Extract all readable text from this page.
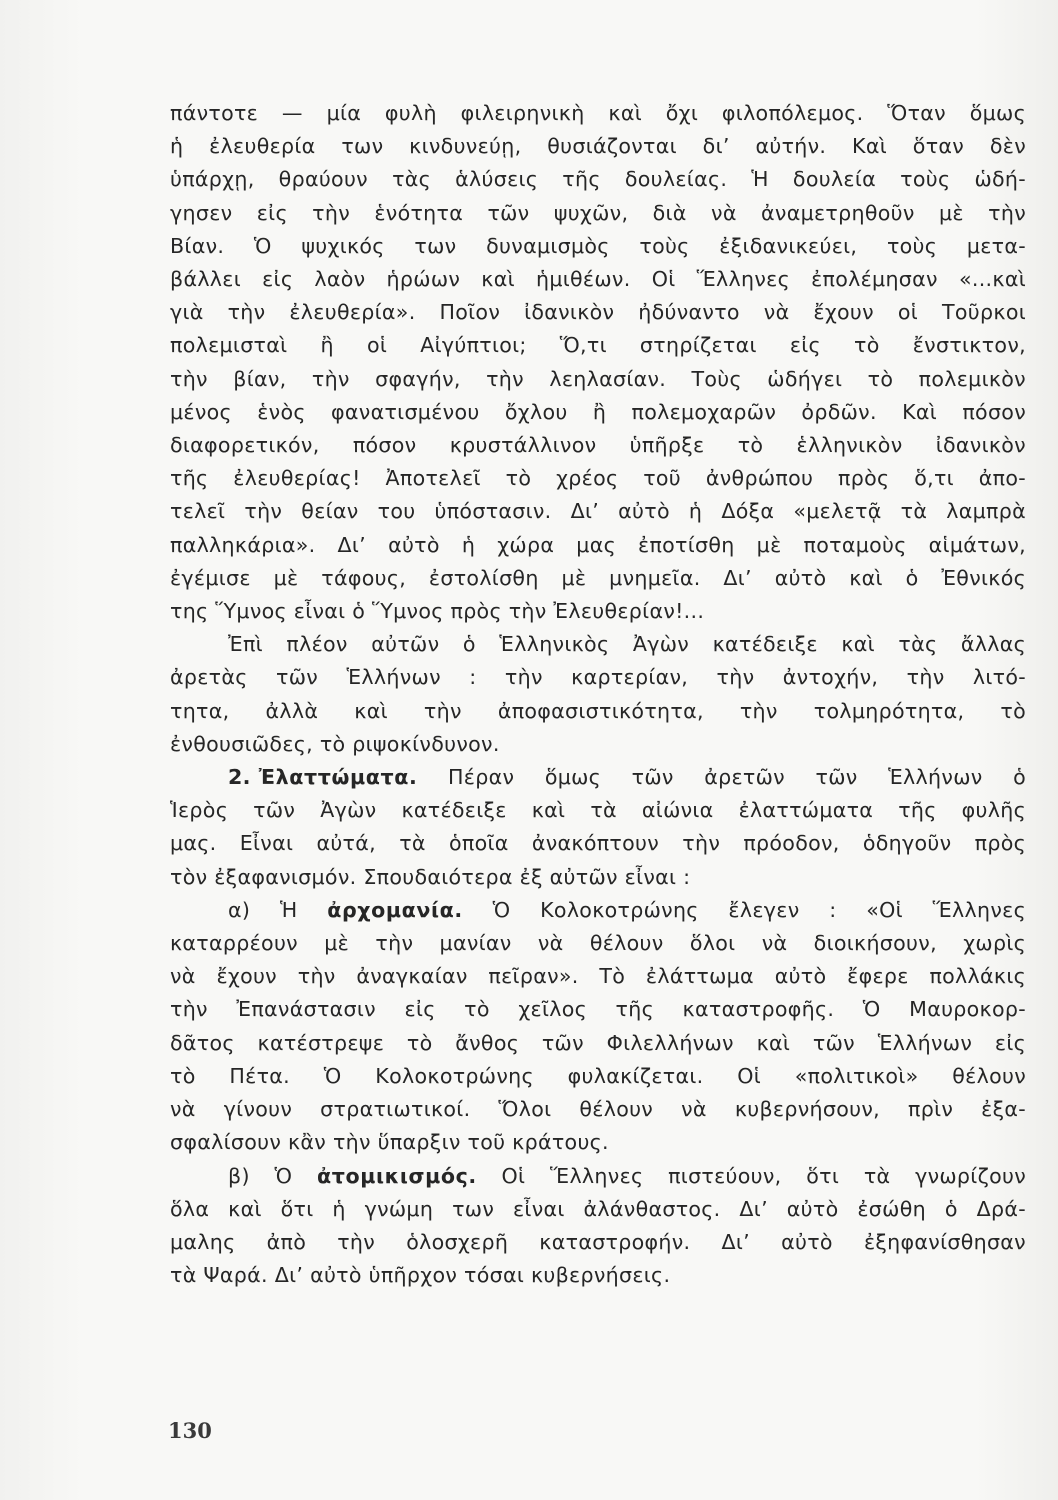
πάντοτε — μία φυλὴ φιλειρηνικὴ καὶ ὄχι φιλοπόλεμος. Ὅταν ὅμως
ἡ ἐλευθερία των κινδυνεύῃ, θυσιάζονται δι’ αὐτήν. Καὶ ὅταν δὲν
ὑπάρχῃ, θραύουν τὰς ἁλύσεις τῆς δουλείας. Ἡ δουλεία τοὺς ὡδή-
γησεν εἰς τὴν ἑνότητα τῶν ψυχῶν, διὰ νὰ ἀναμετρηθοῦν μὲ τὴν
Βίαν. Ὁ ψυχικός των δυναμισμὸς τοὺς ἐξιδανικεύει, τοὺς μετα-
βάλλει εἰς λαὸν ἡρώων καὶ ἡμιθέων. Οἱ Ἕλληνες ἐπολέμησαν «...καὶ
γιὰ τὴν ἐλευθερία». Ποῖον ἰδανικὸν ἠδύναντο νὰ ἔχουν οἱ Τοῦρκοι
πολεμισταὶ ἢ οἱ Αἰγύπτιοι; Ὅ,τι στηρίζεται εἰς τὸ ἔνστικτον,
τὴν βίαν, τὴν σφαγήν, τὴν λεηλασίαν. Τοὺς ὡδήγει τὸ πολεμικὸν
μένος ἑνὸς φανατισμένου ὄχλου ἢ πολεμοχαρῶν ὀρδῶν. Καὶ πόσον
διαφορετικόν, πόσον κρυστάλλινον ὑπῆρξε τὸ ἑλληνικὸν ἰδανικὸν
τῆς ἐλευθερίας! Ἀποτελεῖ τὸ χρέος τοῦ ἀνθρώπου πρὸς ὅ,τι ἀπο-
τελεῖ τὴν θείαν του ὑπόστασιν. Δι’ αὐτὸ ἡ Δόξα «μελετᾷ τὰ λαμπρὰ
παλληκάρια». Δι’ αὐτὸ ἡ χώρα μας ἐποτίσθη μὲ ποταμοὺς αἱμάτων,
ἐγέμισε μὲ τάφους, ἐστολίσθη μὲ μνημεῖα. Δι’ αὐτὸ καὶ ὁ Ἐθνικός
της Ὕμνος εἶναι ὁ Ὕμνος πρὸς τὴν Ἐλευθερίαν!...
Ἐπὶ πλέον αὐτῶν ὁ Ἑλληνικὸς Ἀγὼν κατέδειξε καὶ τὰς ἄλλας
ἀρετὰς τῶν Ἑλλήνων : τὴν καρτερίαν, τὴν ἀντοχήν, τὴν λιτό-
τητα, ἀλλὰ καὶ τὴν ἀποφασιστικότητα, τὴν τολμηρότητα, τὸ
ἐνθουσιῶδες, τὸ ριψοκίνδυνον.
2. Ἐλαττώματα. Πέραν ὅμως τῶν ἀρετῶν τῶν Ἑλλήνων ὁ
Ἱερὸς τῶν Ἀγὼν κατέδειξε καὶ τὰ αἰώνια ἐλαττώματα τῆς φυλῆς
μας. Εἶναι αὐτά, τὰ ὁποῖα ἀνακόπτουν τὴν πρόοδον, ὁδηγοῦν πρὸς
τὸν ἐξαφανισμόν. Σπουδαιότερα ἐξ αὐτῶν εἶναι :
α) Ἡ ἀρχομανία. Ὁ Κολοκοτρώνης ἔλεγεν : «Οἱ Ἕλληνες
καταρρέουν μὲ τὴν μανίαν νὰ θέλουν ὅλοι νὰ διοικήσουν, χωρὶς
νὰ ἔχουν τὴν ἀναγκαίαν πεῖραν». Τὸ ἐλάττωμα αὐτὸ ἔφερε πολλάκις
τὴν Ἐπανάστασιν εἰς τὸ χεῖλος τῆς καταστροφῆς. Ὁ Μαυροκορ-
δᾶτος κατέστρεψε τὸ ἄνθος τῶν Φιλελλήνων καὶ τῶν Ἑλλήνων εἰς
τὸ Πέτα. Ὁ Κολοκοτρώνης φυλακίζεται. Οἱ «πολιτικοὶ» θέλουν
νὰ γίνουν στρατιωτικοί. Ὅλοι θέλουν νὰ κυβερνήσουν, πρὶν ἐξα-
σφαλίσουν κἂν τὴν ὕπαρξιν τοῦ κράτους.
β) Ὁ ἀτομικισμός. Οἱ Ἕλληνες πιστεύουν, ὅτι τὰ γνωρίζουν
ὅλα καὶ ὅτι ἡ γνώμη των εἶναι ἀλάνθαστος. Δι’ αὐτὸ ἐσώθη ὁ Δρά-
μαλης ἀπὸ τὴν ὁλοσχερῆ καταστροφήν. Δι’ αὐτὸ ἐξηφανίσθησαν
τὰ Ψαρά. Δι’ αὐτὸ ὑπῆρχον τόσαι κυβερνήσεις.
130
